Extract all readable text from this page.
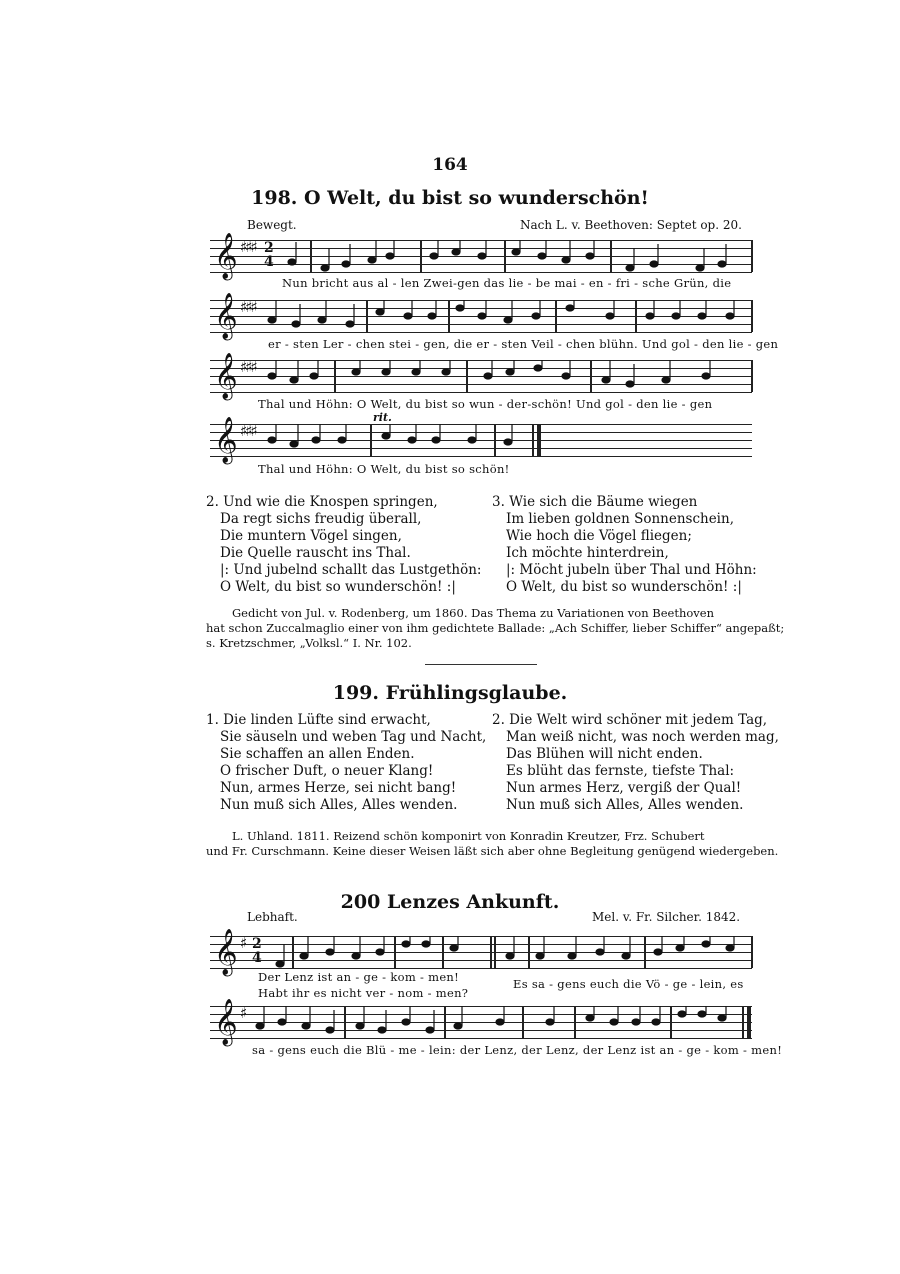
164
198. O Welt, du bist so wunderschön!
Bewegt.	Nach L. v. Beethoven: Septet op. 20.
𝄞 ♯♯♯ 2
4
Nun bricht aus al - len Zwei-gen das lie - be mai - en - fri - sche Grün, die
𝄞 ♯♯♯
er - sten Ler - chen stei - gen, die er - sten Veil - chen blühn. Und gol - den lie - gen
𝄞 ♯♯♯
Thal und Höhn: O Welt, du bist so wun - der-schön! Und gol - den lie - gen
rit.
𝄞 ♯♯♯
Thal und Höhn: O Welt, du bist so schön!
2. Und wie die Knospen springen,
Da regt sichs freudig überall,
Die muntern Vögel singen,
Die Quelle rauscht ins Thal.
|: Und jubelnd schallt das Lustgethön:
O Welt, du bist so wunderschön! :|
3. Wie sich die Bäume wiegen
Im lieben goldnen Sonnenschein,
Wie hoch die Vögel fliegen;
Ich möchte hinterdrein,
|: Möcht jubeln über Thal und Höhn:
O Welt, du bist so wunderschön! :|
Gedicht von Jul. v. Rodenberg, um 1860. Das Thema zu Variationen von Beethoven
hat schon Zuccalmaglio einer von ihm gedichtete Ballade: „Ach Schiffer, lieber Schiffer“ angepaßt;
s. Kretzschmer, „Volksl.“ I. Nr. 102.
199. Frühlingsglaube.
1. Die linden Lüfte sind erwacht,
Sie säuseln und weben Tag und Nacht,
Sie schaffen an allen Enden.
O frischer Duft, o neuer Klang!
Nun, armes Herze, sei nicht bang!
Nun muß sich Alles, Alles wenden.
2. Die Welt wird schöner mit jedem Tag,
Man weiß nicht, was noch werden mag,
Das Blühen will nicht enden.
Es blüht das fernste, tiefste Thal:
Nun armes Herz, vergiß der Qual!
Nun muß sich Alles, Alles wenden.
L. Uhland. 1811. Reizend schön komponirt von Konradin Kreutzer, Frz. Schubert
und Fr. Curschmann. Keine dieser Weisen läßt sich aber ohne Begleitung genügend wiedergeben.
200 Lenzes Ankunft.
Lebhaft.	Mel. v. Fr. Silcher. 1842.
𝄞 ♯ 2
4
Der Lenz ist an - ge - kom - men!
Habt ihr es nicht ver - nom - men?
Es sa - gens euch die Vö - ge - lein, es
𝄞 ♯
sa - gens euch die Blü - me - lein: der Lenz, der Lenz, der Lenz ist an - ge - kom - men!
